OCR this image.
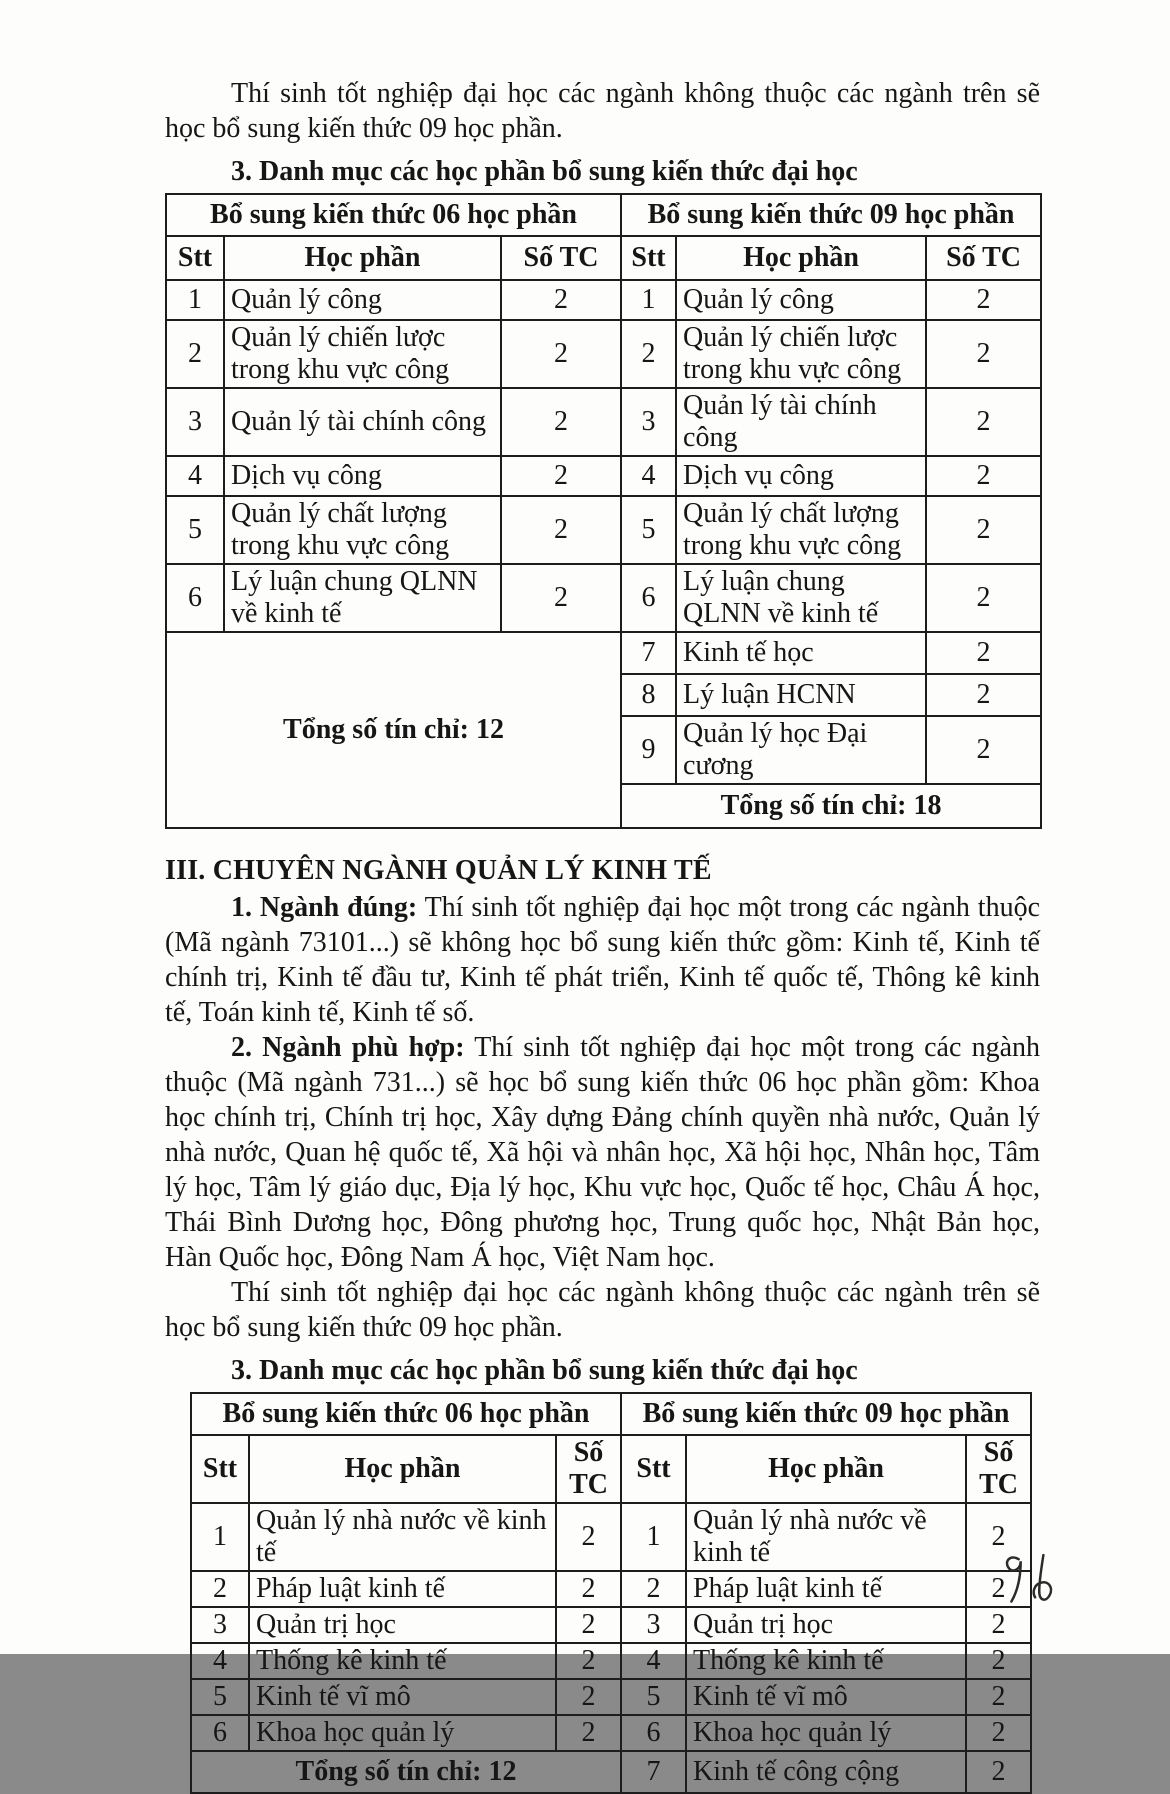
Thí sinh tốt nghiệp đại học các ngành không thuộc các ngành trên sẽ học bổ sung kiến thức 09 học phần.

3. Danh mục các học phần bổ sung kiến thức đại học
Bổ sung kiến thức 06 học phần			Bổ sung kiến thức 09 học phần		
Stt	Học phần	Số TC	Stt	Học phần	Số TC
1	Quản lý công	2	1	Quản lý công	2
2	Quản lý chiến lược trong khu vực công	2	2	Quản lý chiến lược trong khu vực công	2
3	Quản lý tài chính công	2	3	Quản lý tài chính công	2
4	Dịch vụ công	2	4	Dịch vụ công	2
5	Quản lý chất lượng trong khu vực công	2	5	Quản lý chất lượng trong khu vực công	2
6	Lý luận chung QLNN về kinh tế	2	6	Lý luận chung QLNN về kinh tế	2
Tổng số tín chỉ: 12			7	Kinh tế học	2
			8	Lý luận HCNN	2
			9	Quản lý học Đại cương	2
			Tổng số tín chỉ: 18		
III. CHUYÊN NGÀNH QUẢN LÝ KINH TẾ

1. Ngành đúng: Thí sinh tốt nghiệp đại học một trong các ngành thuộc (Mã ngành 73101...) sẽ không học bổ sung kiến thức gồm: Kinh tế, Kinh tế chính trị, Kinh tế đầu tư, Kinh tế phát triển, Kinh tế quốc tế, Thông kê kinh tế, Toán kinh tế, Kinh tế số.

2. Ngành phù hợp: Thí sinh tốt nghiệp đại học một trong các ngành thuộc (Mã ngành 731...) sẽ học bổ sung kiến thức 06 học phần gồm: Khoa học chính trị, Chính trị học, Xây dựng Đảng chính quyền nhà nước, Quản lý nhà nước, Quan hệ quốc tế, Xã hội và nhân học, Xã hội học, Nhân học, Tâm lý học, Tâm lý giáo dục, Địa lý học, Khu vực học, Quốc tế học, Châu Á học, Thái Bình Dương học, Đông phương học, Trung quốc học, Nhật Bản học, Hàn Quốc học, Đông Nam Á học, Việt Nam học.

Thí sinh tốt nghiệp đại học các ngành không thuộc các ngành trên sẽ học bổ sung kiến thức 09 học phần.

3. Danh mục các học phần bổ sung kiến thức đại học
Bổ sung kiến thức 06 học phần			Bổ sung kiến thức 09 học phần		
Stt	Học phần	Số TC	Stt	Học phần	Số TC
1	Quản lý nhà nước về kinh tế	2	1	Quản lý nhà nước về kinh tế	2
2	Pháp luật kinh tế	2	2	Pháp luật kinh tế	2
3	Quản trị học	2	3	Quản trị học	2
4	Thống kê kinh tế	2	4	Thống kê kinh tế	2
5	Kinh tế vĩ mô	2	5	Kinh tế vĩ mô	2
6	Khoa học quản lý	2	6	Khoa học quản lý	2
Tổng số tín chỉ: 12			7	Kinh tế công cộng	2
